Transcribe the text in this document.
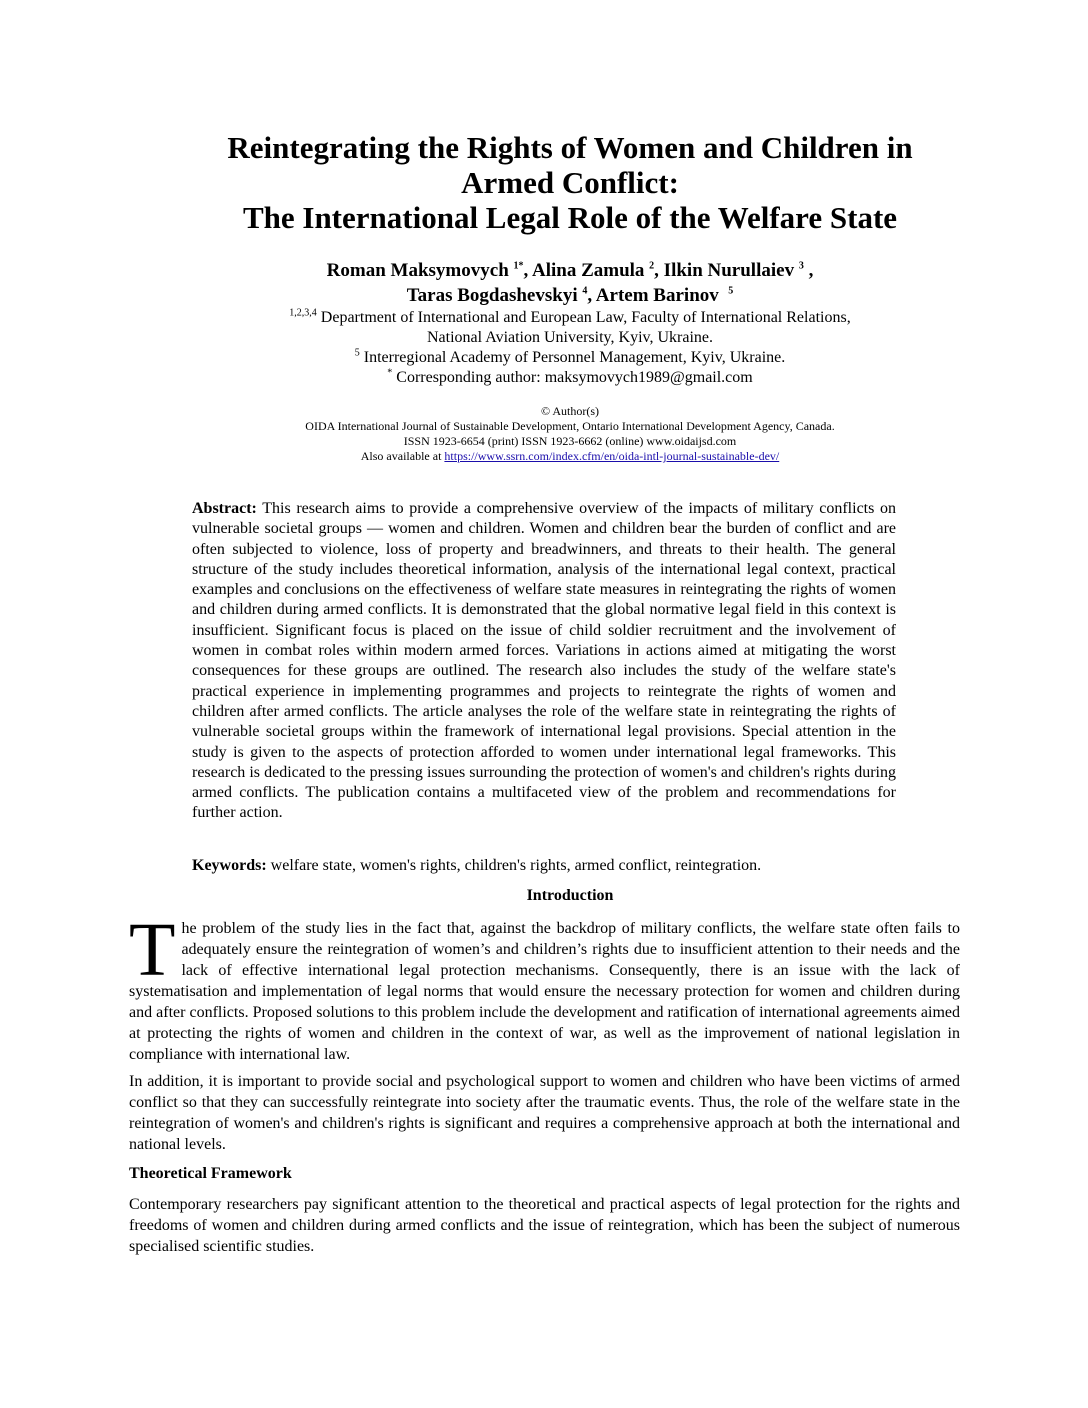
Reintegrating the Rights of Women and Children in
Armed Conflict:
The International Legal Role of the Welfare State
Roman Maksymovych $^{1*}$, Alina Zamula $^2$, Ilkin Nurullaiev $^3$ ,
Taras Bogdashevskyi $^4$, Artem Barinov $^5$
$^{1,2,3,4}$ Department of International and European Law, Faculty of International Relations,
National Aviation University, Kyiv, Ukraine.
$^5$ Interregional Academy of Personnel Management, Kyiv, Ukraine.
* Corresponding author: maksymovych1989@gmail.com
© Author(s)
OIDA International Journal of Sustainable Development, Ontario International Development Agency, Canada.
ISSN 1923-6654 (print) ISSN 1923-6662 (online) www.oidaijsd.com
Also available at https://www.ssrn.com/index.cfm/en/oida-intl-journal-sustainable-dev/

Abstract: This research aims to provide a comprehensive overview of the impacts of military conflicts on vulnerable societal groups — women and children. Women and children bear the burden of conflict and are often subjected to violence, loss of property and breadwinners, and threats to their health. The general structure of the study includes theoretical information, analysis of the international legal context, practical examples and conclusions on the effectiveness of welfare state measures in reintegrating the rights of women and children during armed conflicts. It is demonstrated that the global normative legal field in this context is insufficient. Significant focus is placed on the issue of child soldier recruitment and the involvement of women in combat roles within modern armed forces. Variations in actions aimed at mitigating the worst consequences for these groups are outlined. The research also includes the study of the welfare state's practical experience in implementing programmes and projects to reintegrate the rights of women and children after armed conflicts. The article analyses the role of the welfare state in reintegrating the rights of vulnerable societal groups within the framework of international legal provisions. Special attention in the study is given to the aspects of protection afforded to women under international legal frameworks. This research is dedicated to the pressing issues surrounding the protection of women's and children's rights during armed conflicts. The publication contains a multifaceted view of the problem and recommendations for further action.

Keywords: welfare state, women's rights, children's rights, armed conflict, reintegration.

Introduction

The problem of the study lies in the fact that, against the backdrop of military conflicts, the welfare state often fails to adequately ensure the reintegration of women’s and children’s rights due to insufficient attention to their needs and the lack of effective international legal protection mechanisms. Consequently, there is an issue with the lack of systematisation and implementation of legal norms that would ensure the necessary protection for women and children during and after conflicts. Proposed solutions to this problem include the development and ratification of international agreements aimed at protecting the rights of women and children in the context of war, as well as the improvement of national legislation in compliance with international law.

In addition, it is important to provide social and psychological support to women and children who have been victims of armed conflict so that they can successfully reintegrate into society after the traumatic events. Thus, the role of the welfare state in the reintegration of women's and children's rights is significant and requires a comprehensive approach at both the international and national levels.

Theoretical Framework

Contemporary researchers pay significant attention to the theoretical and practical aspects of legal protection for the rights and freedoms of women and children during armed conflicts and the issue of reintegration, which has been the subject of numerous specialised scientific studies.
